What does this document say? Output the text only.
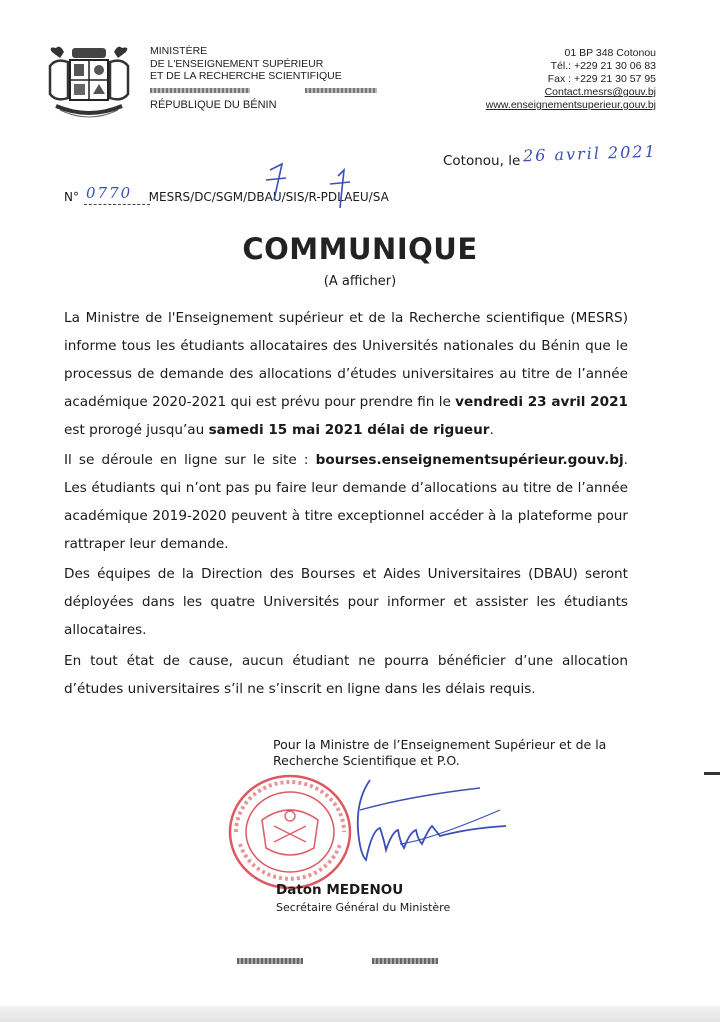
MINISTÈRE
DE L'ENSEIGNEMENT SUPÉRIEUR
ET DE LA RECHERCHE SCIENTIFIQUE
RÉPUBLIQUE DU BÉNIN
01 BP 348 Cotonou
Tél.: +229 21 30 06 83
Fax : +229 21 30 57 95
Contact.mesrs@gouv.bj
www.enseignementsuperieur.gouv.bj
Cotonou, le 26 avril 2021
N°	MESRS/DC/SGM/DBAU/SIS/R-PDLAEU/SA
0770
COMMUNIQUE
(A afficher)
La Ministre de l'Enseignement supérieur et de la Recherche scientifique (MESRS) informe tous les étudiants allocataires des Universités nationales du Bénin que le processus de demande des allocations d’études universitaires au titre de l’année académique 2020-2021 qui est prévu pour prendre fin le vendredi 23 avril 2021 est prorogé jusqu’au samedi 15 mai 2021 délai de rigueur.
Il se déroule en ligne sur le site : bourses.enseignementsupérieur.gouv.bj. Les étudiants qui n’ont pas pu faire leur demande d’allocations au titre de l’année académique 2019-2020 peuvent à titre exceptionnel accéder à la plateforme pour rattraper leur demande.
Des équipes de la Direction des Bourses et Aides Universitaires (DBAU) seront déployées dans les quatre Universités pour informer et assister les étudiants allocataires.
En tout état de cause, aucun étudiant ne pourra bénéficier d’une allocation d’études universitaires s’il ne s’inscrit en ligne dans les délais requis.
Pour la Ministre de l’Enseignement Supérieur et de la Recherche Scientifique et P.O.
Daton MEDENOU
Secrétaire Général du Ministère
